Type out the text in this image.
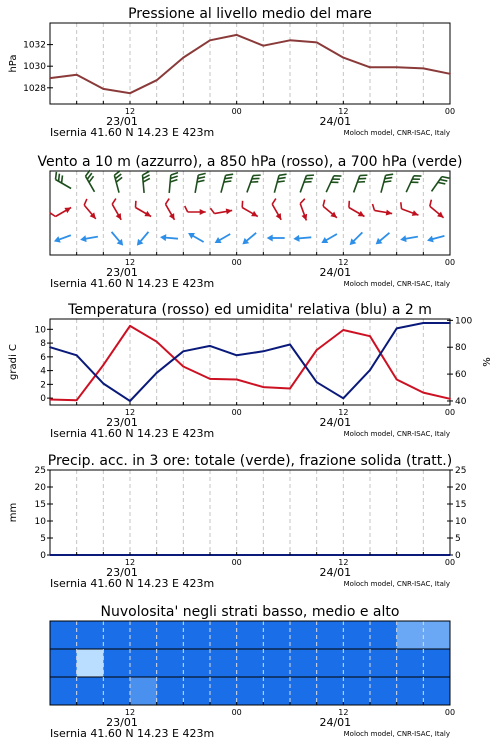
Pressione al livello medio del mare
1028
1030
1032
hPa
12	00	12	00
23/01	24/01
Isernia 41.60 N 14.23 E 423m	Moloch model, CNR-ISAC, Italy
Vento a 10 m (azzurro), a 850 hPa (rosso), a 700 hPa (verde)
12	00	12	00
23/01	24/01
Isernia 41.60 N 14.23 E 423m	Moloch model, CNR-ISAC, Italy
Temperatura (rosso) ed umidita' relativa (blu) a 2 m
0
2
4
6
8
10
gradi C
40
60
80
100
%
12	00	12	00
23/01	24/01
Isernia 41.60 N 14.23 E 423m	Moloch model, CNR-ISAC, Italy
Precip. acc. in 3 ore: totale (verde), frazione solida (tratt.)
0
5
10
15
20
25
mm
0
5
10
15
20
25
12	00	12	00
23/01	24/01
Isernia 41.60 N 14.23 E 423m	Moloch model, CNR-ISAC, Italy
Nuvolosita' negli strati basso, medio e alto
12	00	12	00
23/01	24/01
Isernia 41.60 N 14.23 E 423m	Moloch model, CNR-ISAC, Italy
